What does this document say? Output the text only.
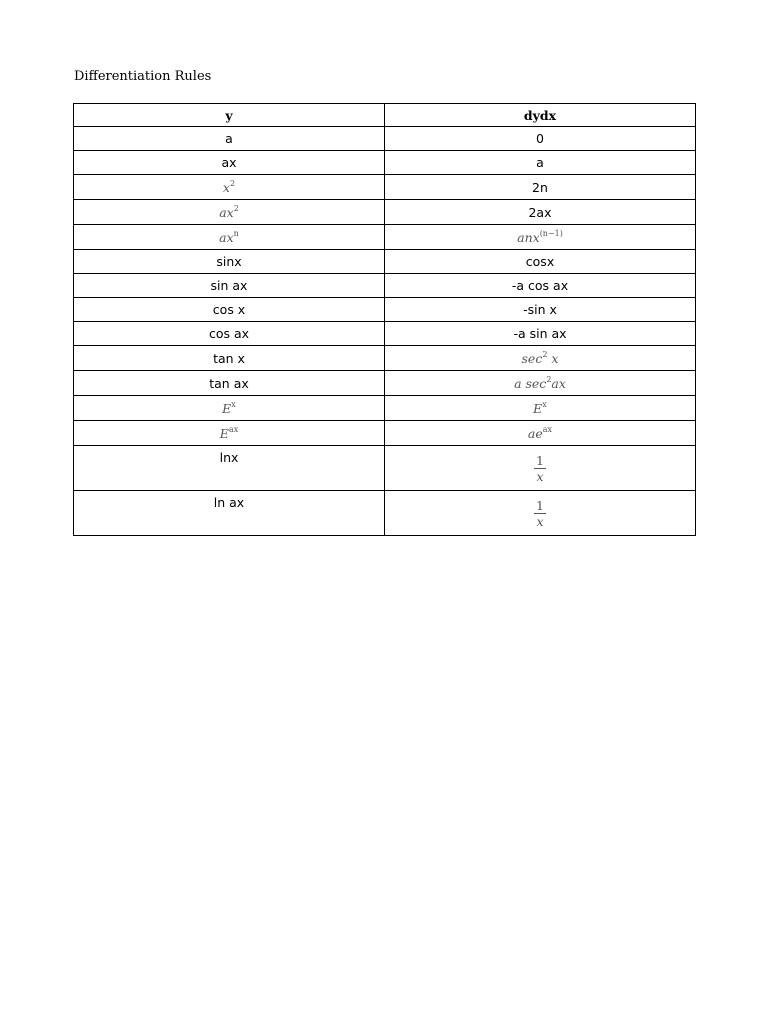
Differentiation Rules
y	dydx
a	0
ax	a
$x^2$	2n
$ax^2$	2ax
$ax^n$	anx$^{(n-1)}$
sinx	cosx
sin ax	-a cos ax
cos x	-sin x
cos ax	-a sin ax
tan x	$\sec^2 x$
tan ax	a $\sec^2ax$
$E^x$	$E^x$
$E^{ax}$	$ae^{ax}$
lnx	$\frac{1}{x}$

ln ax	$\frac{1}{x}$
